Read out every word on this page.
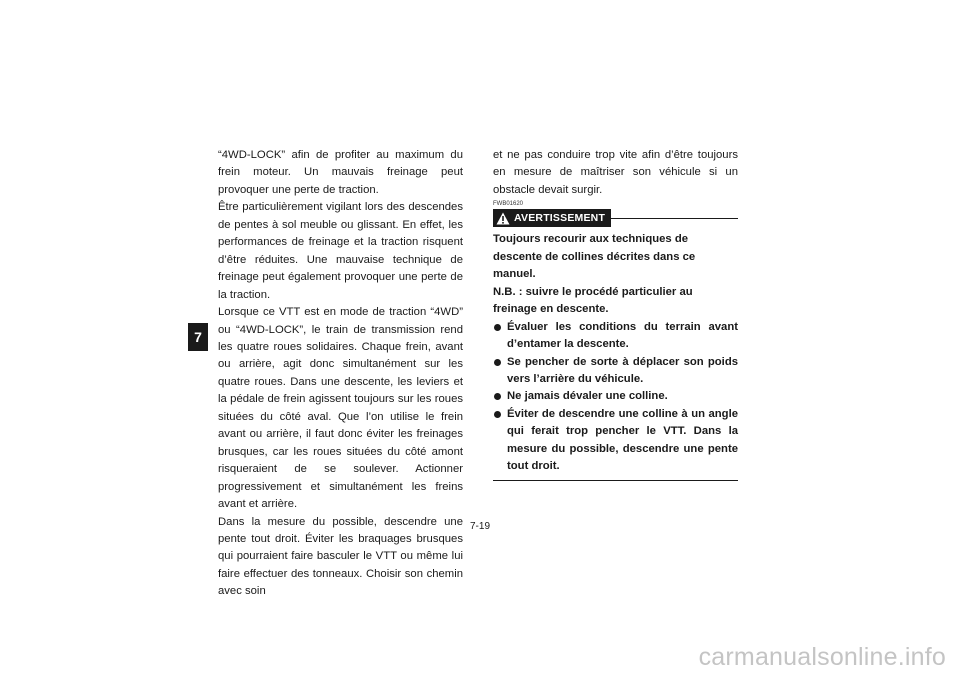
7

“4WD-LOCK” afin de profiter au maximum du frein moteur. Un mauvais freinage peut provoquer une perte de traction.

Être particulièrement vigilant lors des descendes de pentes à sol meuble ou glissant. En effet, les performances de freinage et la traction risquent d’être réduites. Une mauvaise technique de freinage peut également provoquer une perte de la traction.

Lorsque ce VTT est en mode de traction “4WD” ou “4WD-LOCK”, le train de transmission rend les quatre roues solidaires. Chaque frein, avant ou arrière, agit donc simultanément sur les quatre roues. Dans une descente, les leviers et la pédale de frein agissent toujours sur les roues situées du côté aval. Que l’on utilise le frein avant ou arrière, il faut donc éviter les freinages brusques, car les roues situées du côté amont risqueraient de se soulever. Actionner progressivement et simultanément les freins avant et arrière.

Dans la mesure du possible, descendre une pente tout droit. Éviter les braquages brusques qui pourraient faire basculer le VTT ou même lui faire effectuer des tonneaux. Choisir son chemin avec soin

et ne pas conduire trop vite afin d’être toujours en mesure de maîtriser son véhicule si un obstacle devait surgir.

FWB01620
AVERTISSEMENT

Toujours recourir aux techniques de descente de collines décrites dans ce manuel.

N.B. : suivre le procédé particulier au freinage en descente.

Évaluer les conditions du terrain avant d’entamer la descente.
Se pencher de sorte à déplacer son poids vers l’arrière du véhicule.
Ne jamais dévaler une colline.
Éviter de descendre une colline à un angle qui ferait trop pencher le VTT. Dans la mesure du possible, descendre une pente tout droit.
7-19
carmanualsonline.info
